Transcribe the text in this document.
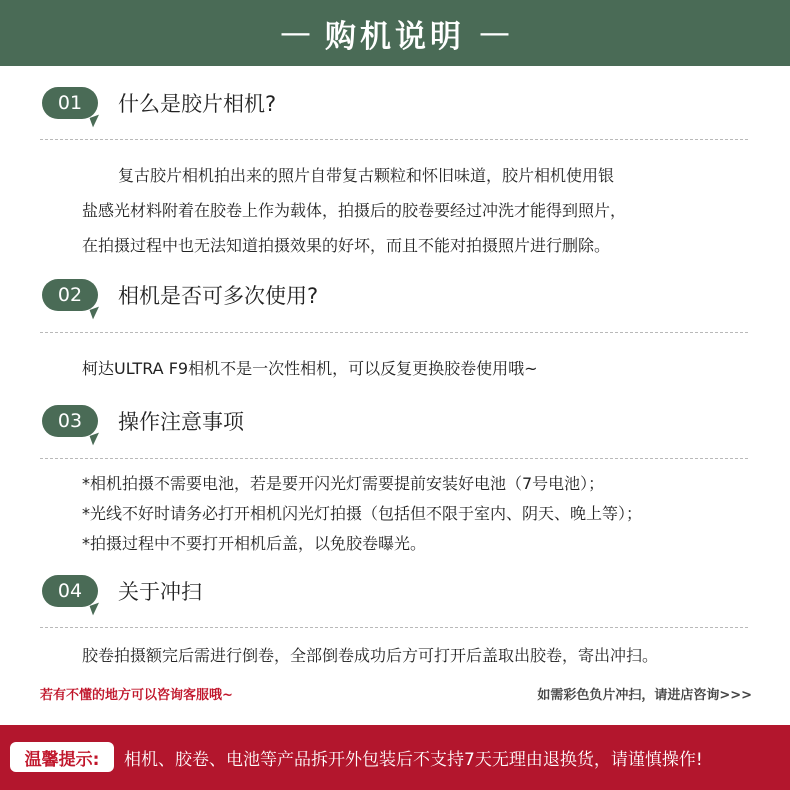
— 购机说明 —
01 什么是胶片相机?
复古胶片相机拍出来的照片自带复古颗粒和怀旧味道，胶片相机使用银
盐感光材料附着在胶卷上作为载体，拍摄后的胶卷要经过冲洗才能得到照片，
在拍摄过程中也无法知道拍摄效果的好坏，而且不能对拍摄照片进行删除。
02 相机是否可多次使用?
柯达ULTRA F9相机不是一次性相机，可以反复更换胶卷使用哦~
03 操作注意事项
*相机拍摄不需要电池，若是要开闪光灯需要提前安装好电池（7号电池）；
*光线不好时请务必打开相机闪光灯拍摄（包括但不限于室内、阴天、晚上等）；
*拍摄过程中不要打开相机后盖，以免胶卷曝光。
04 关于冲扫
胶卷拍摄额完后需进行倒卷，全部倒卷成功后方可打开后盖取出胶卷，寄出冲扫。
若有不懂的地方可以咨询客服哦~	如需彩色负片冲扫，请进店咨询>>>
温馨提示:	相机、胶卷、电池等产品拆开外包装后不支持7天无理由退换货，请谨慎操作!
